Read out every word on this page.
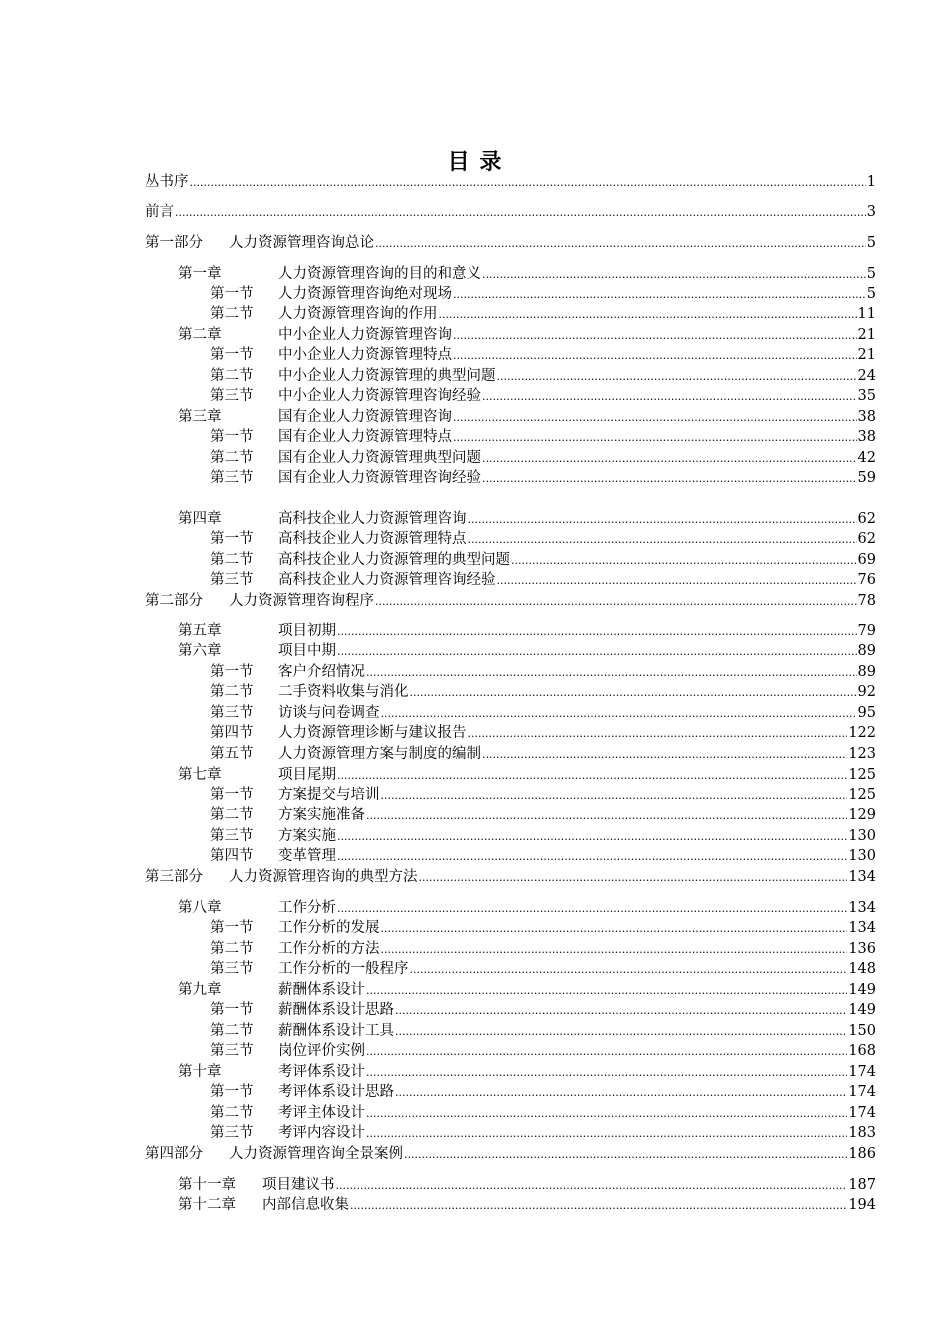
目 录
丛书序 .....	1
前言 .....	3
第一部分	人力资源管理咨询总论 .....	5
第一章	人力资源管理咨询的目的和意义 .....	5
第一节	人力资源管理咨询绝对现场 .....	5
第二节	人力资源管理咨询的作用 .....	11
第二章	中小企业人力资源管理咨询 .....	21
第一节	中小企业人力资源管理特点 .....	21
第二节	中小企业人力资源管理的典型问题 .....	24
第三节	中小企业人力资源管理咨询经验 .....	35
第三章	国有企业人力资源管理咨询 .....	38
第一节	国有企业人力资源管理特点 .....	38
第二节	国有企业人力资源管理典型问题 .....	42
第三节	国有企业人力资源管理咨询经验 .....	59
第四章	高科技企业人力资源管理咨询 .....	62
第一节	高科技企业人力资源管理特点 .....	62
第二节	高科技企业人力资源管理的典型问题 .....	69
第三节	高科技企业人力资源管理咨询经验 .....	76
第二部分	人力资源管理咨询程序 .....	78
第五章	项目初期 .....	79
第六章	项目中期 .....	89
第一节	客户介绍情况 .....	89
第二节	二手资料收集与消化 .....	92
第三节	访谈与问卷调查 .....	95
第四节	人力资源管理诊断与建议报告 .....	122
第五节	人力资源管理方案与制度的编制 .....	123
第七章	项目尾期 .....	125
第一节	方案提交与培训 .....	125
第二节	方案实施准备 .....	129
第三节	方案实施 .....	130
第四节	变革管理 .....	130
第三部分	人力资源管理咨询的典型方法 .....	134
第八章	工作分析 .....	134
第一节	工作分析的发展 .....	134
第二节	工作分析的方法 .....	136
第三节	工作分析的一般程序 .....	148
第九章	薪酬体系设计 .....	149
第一节	薪酬体系设计思路 .....	149
第二节	薪酬体系设计工具 .....	150
第三节	岗位评价实例 .....	168
第十章	考评体系设计 .....	174
第一节	考评体系设计思路 .....	174
第二节	考评主体设计 .....	174
第三节	考评内容设计 .....	183
第四部分	人力资源管理咨询全景案例 .....	186
第十一章	项目建议书 .....	187
第十二章	内部信息收集 .....	194
